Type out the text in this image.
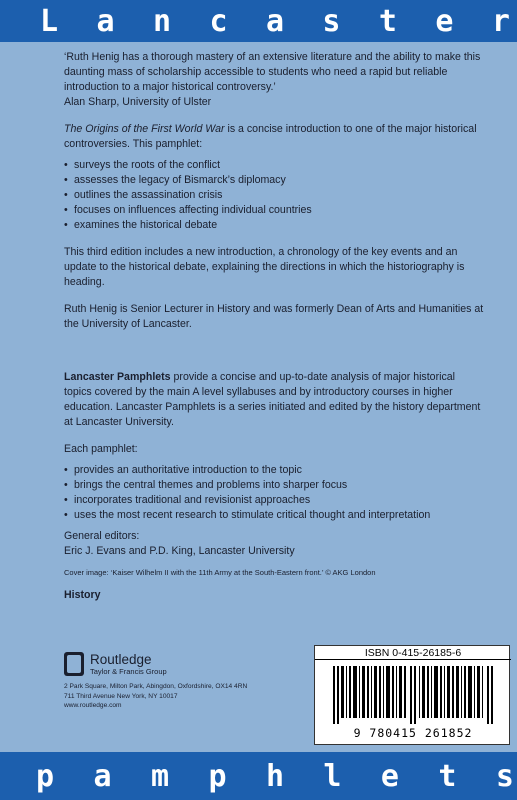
L a n c a s t e r
‘Ruth Henig has a thorough mastery of an extensive literature and the ability to make this daunting mass of scholarship accessible to students who need a rapid but reliable introduction to a major historical controversy.’
Alan Sharp, University of Ulster
The Origins of the First World War is a concise introduction to one of the major historical controversies. This pamphlet:
• surveys the roots of the conflict
• assesses the legacy of Bismarck’s diplomacy
• outlines the assassination crisis
• focuses on influences affecting individual countries
• examines the historical debate
This third edition includes a new introduction, a chronology of the key events and an update to the historical debate, explaining the directions in which the historiography is heading.
Ruth Henig is Senior Lecturer in History and was formerly Dean of Arts and Humanities at the University of Lancaster.
Lancaster Pamphlets provide a concise and up-to-date analysis of major historical topics covered by the main A level syllabuses and by introductory courses in higher education. Lancaster Pamphlets is a series initiated and edited by the history department at Lancaster University.
Each pamphlet:
• provides an authoritative introduction to the topic
• brings the central themes and problems into sharper focus
• incorporates traditional and revisionist approaches
• uses the most recent research to stimulate critical thought and interpretation
General editors:
Eric J. Evans and P.D. King, Lancaster University
Cover image: ‘Kaiser Wilhelm II with the 11th Army at the South-Eastern front.’ © AKG London
History
Routledge
Taylor & Francis Group
2 Park Square, Milton Park, Abingdon, Oxfordshire, OX14 4RN
711 Third Avenue New York, NY 10017
www.routledge.com
ISBN 0-415-26185-6
9 780415 261852
p a m p h l e t s
